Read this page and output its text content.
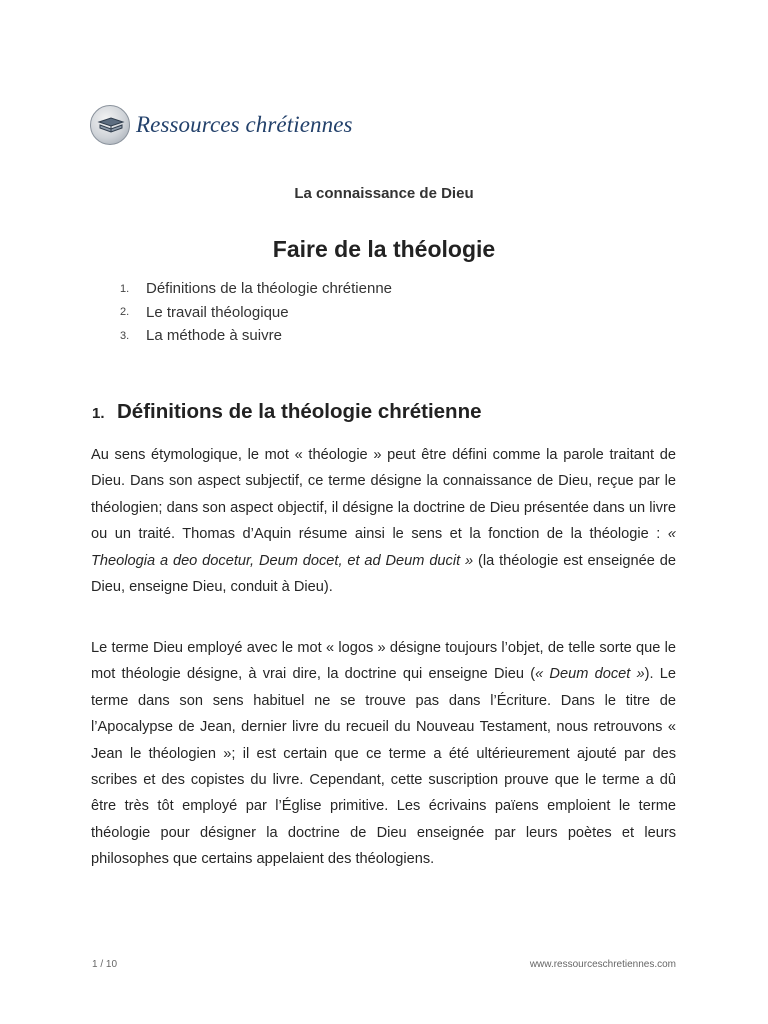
Ressources chrétiennes
La connaissance de Dieu
Faire de la théologie
1.	Définitions de la théologie chrétienne
2.	Le travail théologique
3.	La méthode à suivre
1. Définitions de la théologie chrétienne

Au sens étymologique, le mot « théologie » peut être défini comme la parole traitant de Dieu. Dans son aspect subjectif, ce terme désigne la connaissance de Dieu, reçue par le théologien; dans son aspect objectif, il désigne la doctrine de Dieu présentée dans un livre ou un traité. Thomas d’Aquin résume ainsi le sens et la fonction de la théologie : « Theologia a deo docetur, Deum docet, et ad Deum ducit » (la théologie est enseignée de Dieu, enseigne Dieu, conduit à Dieu).

Le terme Dieu employé avec le mot « logos » désigne toujours l’objet, de telle sorte que le mot théologie désigne, à vrai dire, la doctrine qui enseigne Dieu (« Deum docet »). Le terme dans son sens habituel ne se trouve pas dans l’Écriture. Dans le titre de l’Apocalypse de Jean, dernier livre du recueil du Nouveau Testament, nous retrouvons « Jean le théologien »; il est certain que ce terme a été ultérieurement ajouté par des scribes et des copistes du livre. Cependant, cette suscription prouve que le terme a dû être très tôt employé par l’Église primitive. Les écrivains païens emploient le terme théologie pour désigner la doctrine de Dieu enseignée par leurs poètes et leurs philosophes que certains appelaient des théologiens.

1 / 10	www.ressourceschretiennes.com
